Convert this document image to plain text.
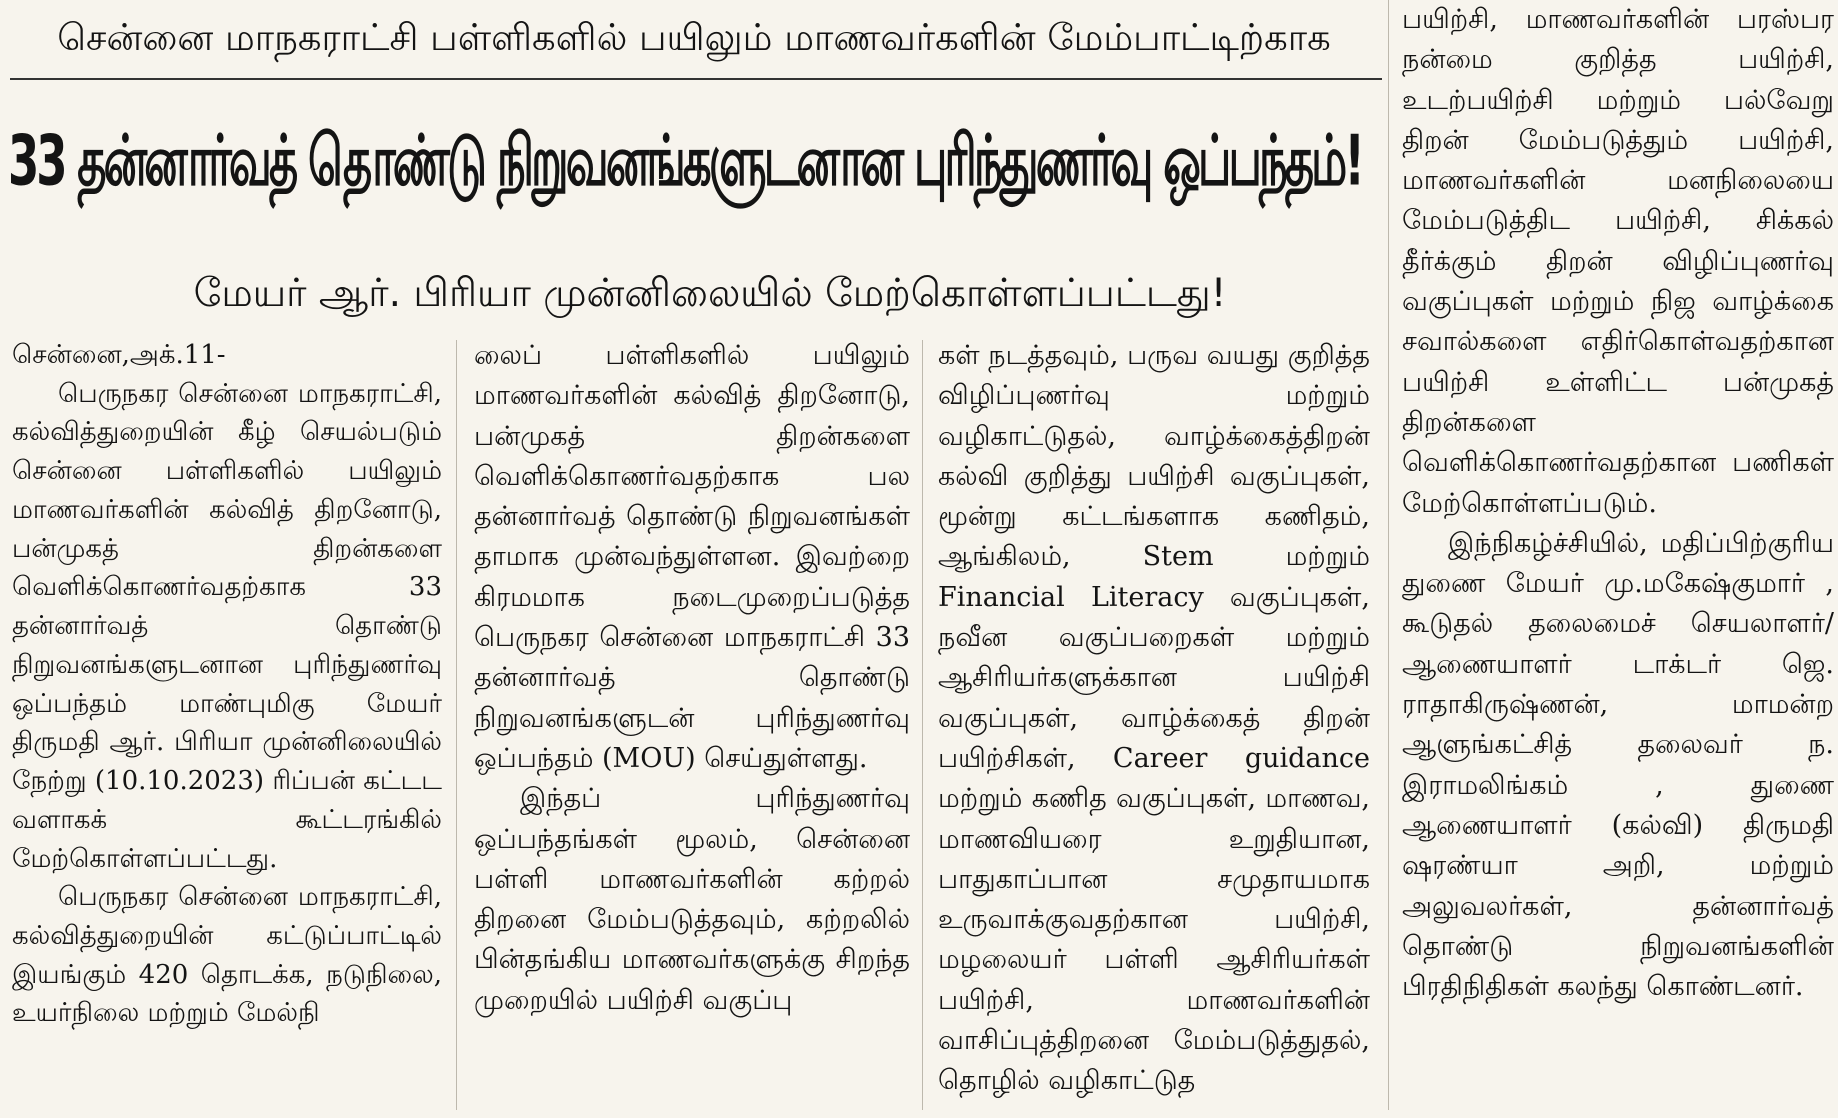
சென்னை மாநகராட்சி பள்ளிகளில் பயிலும் மாணவர்களின் மேம்பாட்டிற்காக
33 தன்னார்வத் தொண்டு நிறுவனங்களுடனான புரிந்துணர்வு ஒப்பந்தம்!
மேயர் ஆர். பிரியா முன்னிலையில் மேற்கொள்ளப்பட்டது!

சென்னை,அக்.11-

பெருநகர சென்னை மாநகராட்சி, கல்வித்துறையின் கீழ் செயல்படும் சென்னை பள்ளிகளில் பயிலும் மாணவர்களின் கல்வித் திறனோடு, பன்முகத் திறன்களை வெளிக்கொணர்வதற்காக 33 தன்னார்வத் தொண்டு நிறுவனங்களுடனான புரிந்துணர்வு ஒப்பந்தம் மாண்புமிகு மேயர் திருமதி ஆர். பிரியா முன்னிலையில் நேற்று (10.10.2023) ரிப்பன் கட்டட வளாகக் கூட்டரங்கில் மேற்கொள்ளப்பட்டது.

பெருநகர சென்னை மாநகராட்சி, கல்வித்துறையின் கட்டுப்பாட்டில் இயங்கும் 420 தொடக்க, நடுநிலை, உயர்நிலை மற்றும் மேல்நி

லைப் பள்ளிகளில் பயிலும் மாணவர்களின் கல்வித் திறனோடு, பன்முகத் திறன்களை வெளிக்கொணர்வதற்காக பல தன்னார்வத் தொண்டு நிறுவனங்கள் தாமாக முன்வந்துள்ளன. இவற்றை கிரமமாக நடைமுறைப்படுத்த பெருநகர சென்னை மாநகராட்சி 33 தன்னார்வத் தொண்டு நிறுவனங்களுடன் புரிந்துணர்வு ஒப்பந்தம் (MOU) செய்துள்ளது.

இந்தப் புரிந்துணர்வு ஒப்பந்தங்கள் மூலம், சென்னை பள்ளி மாணவர்களின் கற்றல் திறனை மேம்படுத்தவும், கற்றலில் பின்தங்கிய மாணவர்களுக்கு சிறந்த முறையில் பயிற்சி வகுப்பு

கள் நடத்தவும், பருவ வயது குறித்த விழிப்புணர்வு மற்றும் வழிகாட்டுதல், வாழ்க்கைத்திறன் கல்வி குறித்து பயிற்சி வகுப்புகள், மூன்று கட்டங்களாக கணிதம், ஆங்கிலம், Stem மற்றும் Financial Literacy வகுப்புகள், நவீன வகுப்பறைகள் மற்றும் ஆசிரியர்களுக்கான பயிற்சி வகுப்புகள், வாழ்க்கைத் திறன் பயிற்சிகள், Career guidance மற்றும் கணித வகுப்புகள், மாணவ, மாணவியரை உறுதியான, பாதுகாப்பான சமுதாயமாக உருவாக்குவதற்கான பயிற்சி, மழலையர் பள்ளி ஆசிரியர்கள் பயிற்சி, மாணவர்களின் வாசிப்புத்திறனை மேம்படுத்துதல், தொழில் வழிகாட்டுத

பயிற்சி, மாணவர்களின் பரஸ்பர நன்மை குறித்த பயிற்சி, உடற்பயிற்சி மற்றும் பல்வேறு திறன் மேம்படுத்தும் பயிற்சி, மாணவர்களின் மனநிலையை மேம்படுத்திட பயிற்சி, சிக்கல் தீர்க்கும் திறன் விழிப்புணர்வு வகுப்புகள் மற்றும் நிஜ வாழ்க்கை சவால்களை எதிர்கொள்வதற்கான பயிற்சி உள்ளிட்ட பன்முகத் திறன்களை வெளிக்கொணர்வதற்கான பணிகள் மேற்கொள்ளப்படும்.

இந்நிகழ்ச்சியில், மதிப்பிற்குரிய துணை மேயர் மு.மகேஷ்குமார் , கூடுதல் தலைமைச் செயலாளர்/ஆணையாளர் டாக்டர் ஜெ. ராதாகிருஷ்ணன், மாமன்ற ஆளுங்கட்சித் தலைவர் ந. இராமலிங்கம் , துணை ஆணையாளர் (கல்வி) திருமதி ஷரண்யா அறி, மற்றும் அலுவலர்கள், தன்னார்வத் தொண்டு நிறுவனங்களின் பிரதிநிதிகள் கலந்து கொண்டனர்.
